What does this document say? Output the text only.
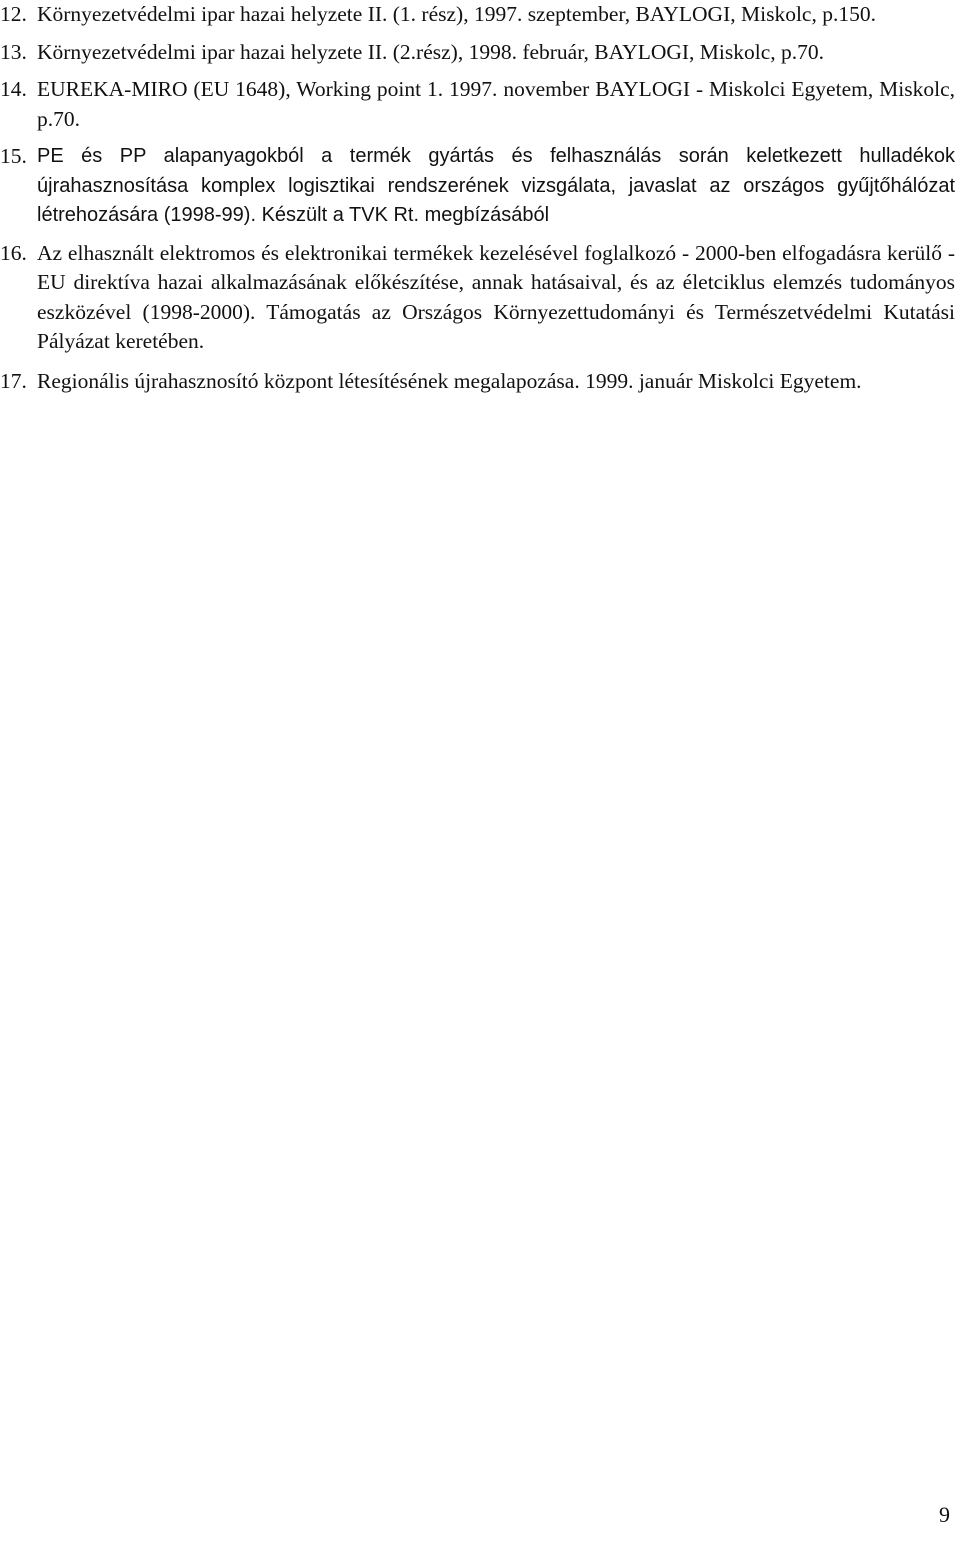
12. Környezetvédelmi ipar hazai helyzete II. (1. rész), 1997. szeptember, BAYLOGI, Miskolc, p.150.
13. Környezetvédelmi ipar hazai helyzete II. (2.rész), 1998. február, BAYLOGI, Miskolc, p.70.
14. EUREKA-MIRO (EU 1648), Working point 1. 1997. november BAYLOGI - Miskolci Egyetem, Miskolc, p.70.
15. PE és PP alapanyagokból a termék gyártás és felhasználás során keletkezett hulladékok újrahasznosítása komplex logisztikai rendszerének vizsgálata, javaslat az országos gyűjtőhálózat létrehozására (1998-99). Készült a TVK Rt. megbízásából
16. Az elhasznált elektromos és elektronikai termékek kezelésével foglalkozó - 2000-ben elfogadásra kerülő - EU direktíva hazai alkalmazásának előkészítése, annak hatásaival, és az életciklus elemzés tudományos eszközével (1998-2000). Támogatás az Országos Környezettudományi és Természetvédelmi Kutatási Pályázat keretében.
17. Regionális újrahasznosító központ létesítésének megalapozása. 1999. január Miskolci Egyetem.
9
